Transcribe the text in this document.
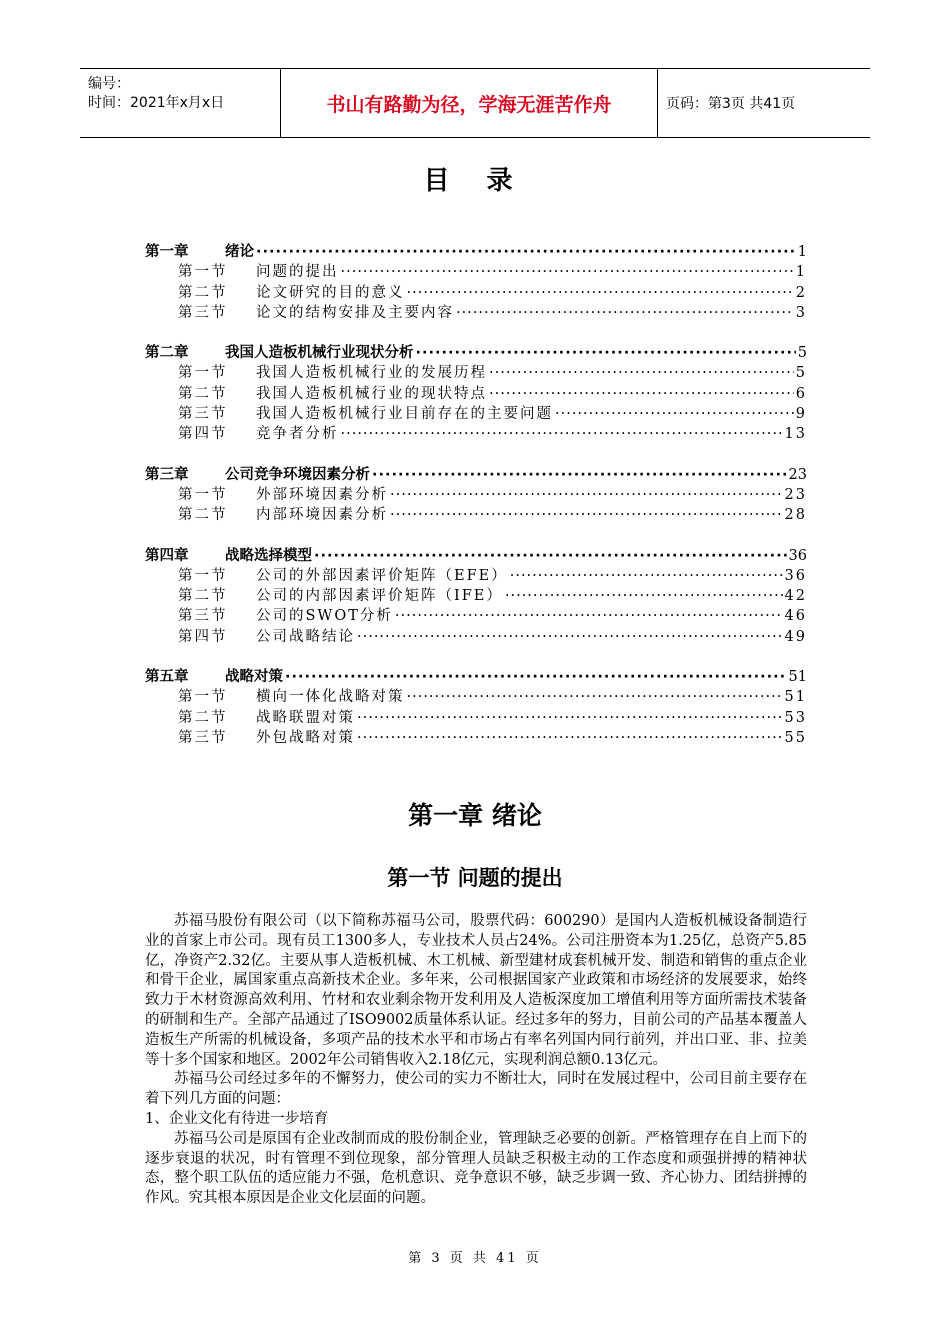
编号：
时间：2021年x月x日	书山有路勤为径，学海无涯苦作舟	页码：第3页 共41页
目 录
第一章	绪论 ·····	1
第一节	问题的提出 ·····	1
第二节	论文研究的目的意义 ·····	2
第三节	论文的结构安排及主要内容 ·····	3
第二章	我国人造板机械行业现状分析 ·····	5
第一节	我国人造板机械行业的发展历程 ·····	5
第二节	我国人造板机械行业的现状特点 ·····	6
第三节	我国人造板机械行业目前存在的主要问题 ·····	9
第四节	竞争者分析 ·····	13
第三章	公司竞争环境因素分析 ·····	23
第一节	外部环境因素分析 ·····	23
第二节	内部环境因素分析 ·····	28
第四章	战略选择模型 ·····	36
第一节	公司的外部因素评价矩阵（EFE） ·····	36
第二节	公司的内部因素评价矩阵（IFE） ·····	42
第三节	公司的SWOT分析 ·····	46
第四节	公司战略结论 ·····	49
第五章	战略对策 ·····	51
第一节	横向一体化战略对策 ·····	51
第二节	战略联盟对策 ·····	53
第三节	外包战略对策 ·····	55
第一章 绪论
第一节 问题的提出

苏福马股份有限公司（以下简称苏福马公司，股票代码：600290）是国内人造板机械设备制造行业的首家上市公司。现有员工1300多人，专业技术人员占24%。公司注册资本为1.25亿，总资产5.85亿，净资产2.32亿。主要从事人造板机械、木工机械、新型建材成套机械开发、制造和销售的重点企业和骨干企业，属国家重点高新技术企业。多年来，公司根据国家产业政策和市场经济的发展要求，始终致力于木材资源高效利用、竹材和农业剩余物开发利用及人造板深度加工增值利用等方面所需技术装备的研制和生产。全部产品通过了ISO9002质量体系认证。经过多年的努力，目前公司的产品基本覆盖人造板生产所需的机械设备，多项产品的技术水平和市场占有率名列国内同行前列，并出口亚、非、拉美等十多个国家和地区。2002年公司销售收入2.18亿元，实现利润总额0.13亿元。

苏福马公司经过多年的不懈努力，使公司的实力不断壮大，同时在发展过程中，公司目前主要存在着下列几方面的问题：

1、企业文化有待进一步培育

苏福马公司是原国有企业改制而成的股份制企业，管理缺乏必要的创新。严格管理存在自上而下的逐步衰退的状况，时有管理不到位现象，部分管理人员缺乏积极主动的工作态度和顽强拼搏的精神状态，整个职工队伍的适应能力不强，危机意识、竞争意识不够，缺乏步调一致、齐心协力、团结拼搏的作风。究其根本原因是企业文化层面的问题。

第 3 页 共 41 页
